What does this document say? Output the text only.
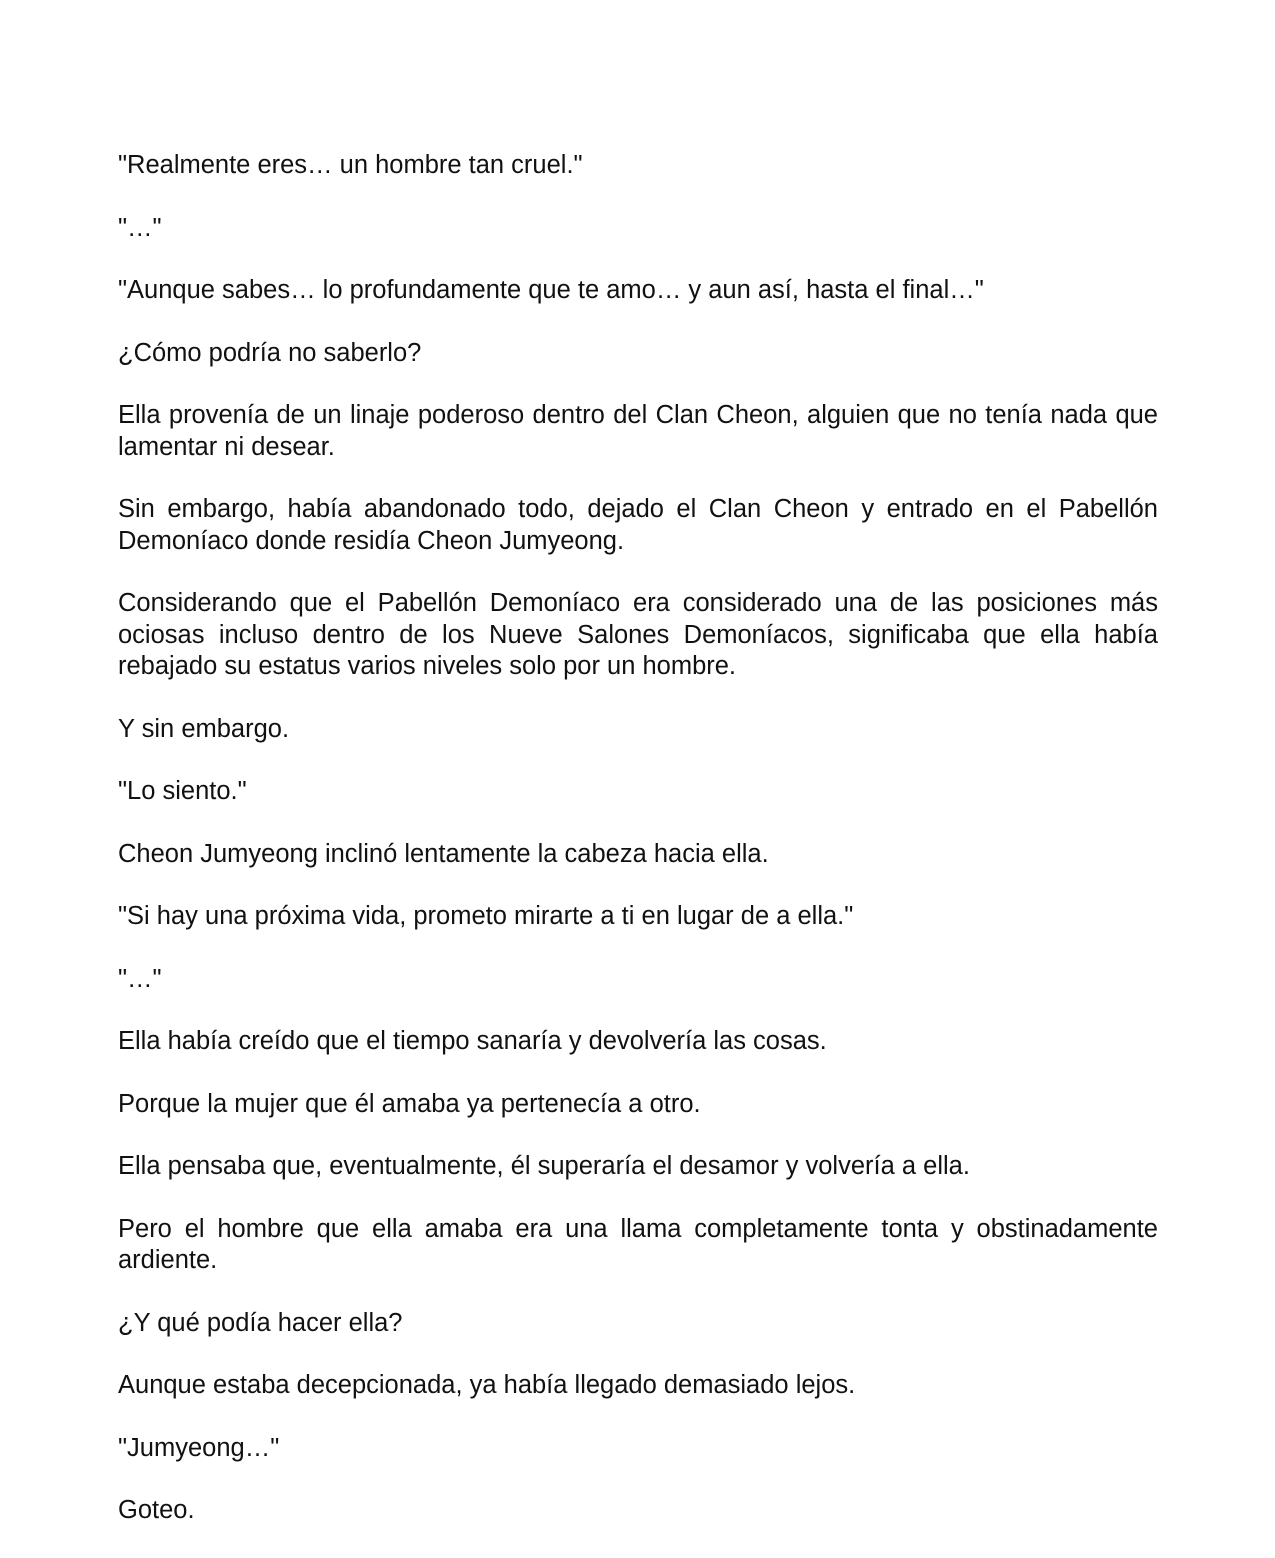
"Realmente eres… un hombre tan cruel."

"…"

"Aunque sabes… lo profundamente que te amo… y aun así, hasta el final…"

¿Cómo podría no saberlo?

Ella provenía de un linaje poderoso dentro del Clan Cheon, alguien que no tenía nada que lamentar ni desear.

Sin embargo, había abandonado todo, dejado el Clan Cheon y entrado en el Pabellón Demoníaco donde residía Cheon Jumyeong.

Considerando que el Pabellón Demoníaco era considerado una de las posiciones más ociosas incluso dentro de los Nueve Salones Demoníacos, significaba que ella había rebajado su estatus varios niveles solo por un hombre.

Y sin embargo.

"Lo siento."

Cheon Jumyeong inclinó lentamente la cabeza hacia ella.

"Si hay una próxima vida, prometo mirarte a ti en lugar de a ella."

"…"

Ella había creído que el tiempo sanaría y devolvería las cosas.

Porque la mujer que él amaba ya pertenecía a otro.

Ella pensaba que, eventualmente, él superaría el desamor y volvería a ella.

Pero el hombre que ella amaba era una llama completamente tonta y obstinadamente ardiente.

¿Y qué podía hacer ella?

Aunque estaba decepcionada, ya había llegado demasiado lejos.

"Jumyeong…"

Goteo.
